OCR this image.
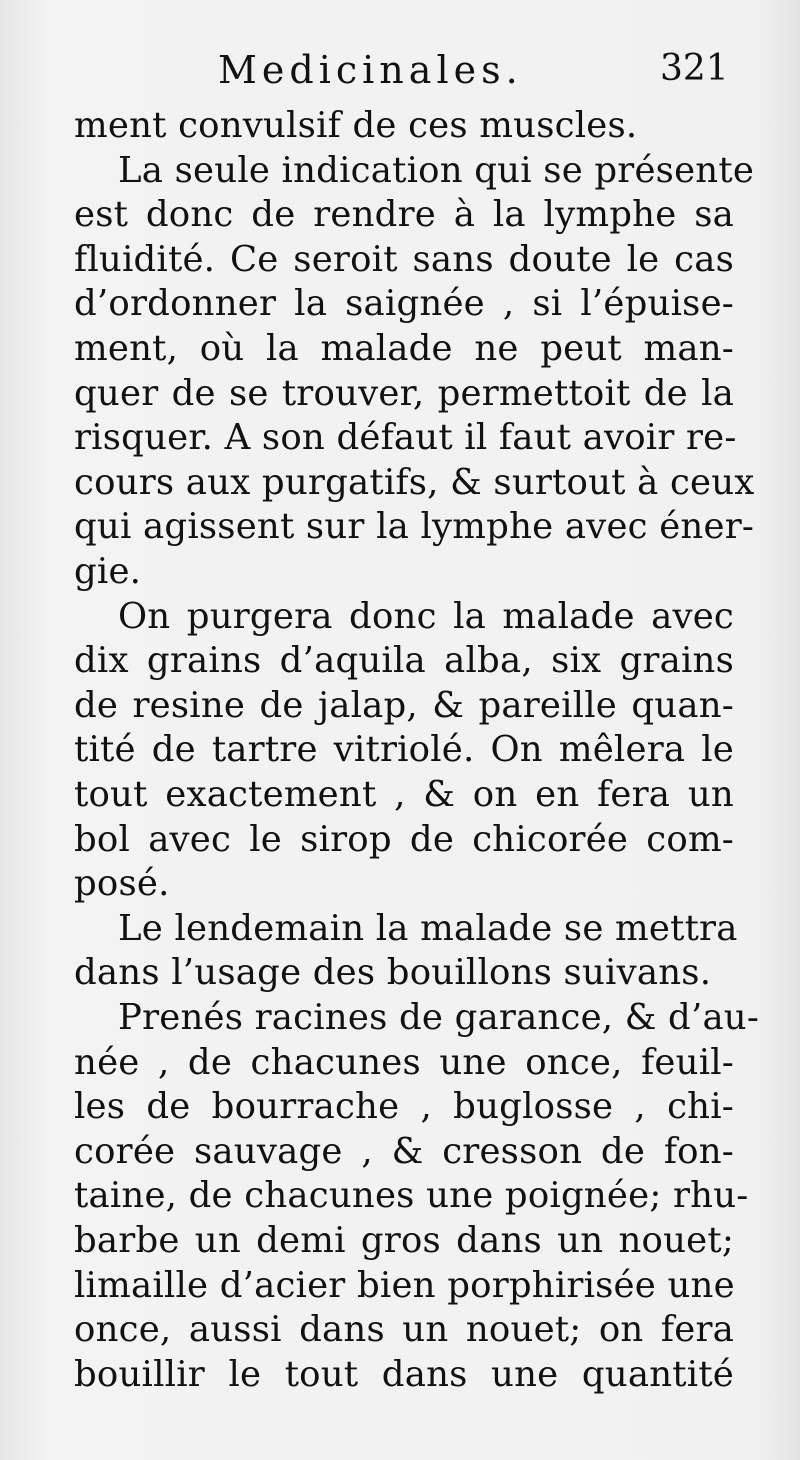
Medicinales.	321
ment convulsif de ces muscles.
La seule indication qui se présente
est donc de rendre à la lymphe sa
fluidité. Ce seroit sans doute le cas
d’ordonner la saignée , si l’épuise-
ment, où la malade ne peut man-
quer de se trouver, permettoit de la
risquer. A son défaut il faut avoir re-
cours aux purgatifs, & surtout à ceux
qui agissent sur la lymphe avec éner-
gie.
On purgera donc la malade avec
dix grains d’aquila alba, six grains
de resine de jalap, & pareille quan-
tité de tartre vitriolé. On mêlera le
tout exactement , & on en fera un
bol avec le sirop de chicorée com-
posé.
Le lendemain la malade se mettra
dans l’usage des bouillons suivans.
Prenés racines de garance, & d’au-
née , de chacunes une once, feuil-
les de bourrache , buglosse , chi-
corée sauvage , & cresson de fon-
taine, de chacunes une poignée; rhu-
barbe un demi gros dans un nouet;
limaille d’acier bien porphirisée une
once, aussi dans un nouet; on fera
bouillir le tout dans une quantité
